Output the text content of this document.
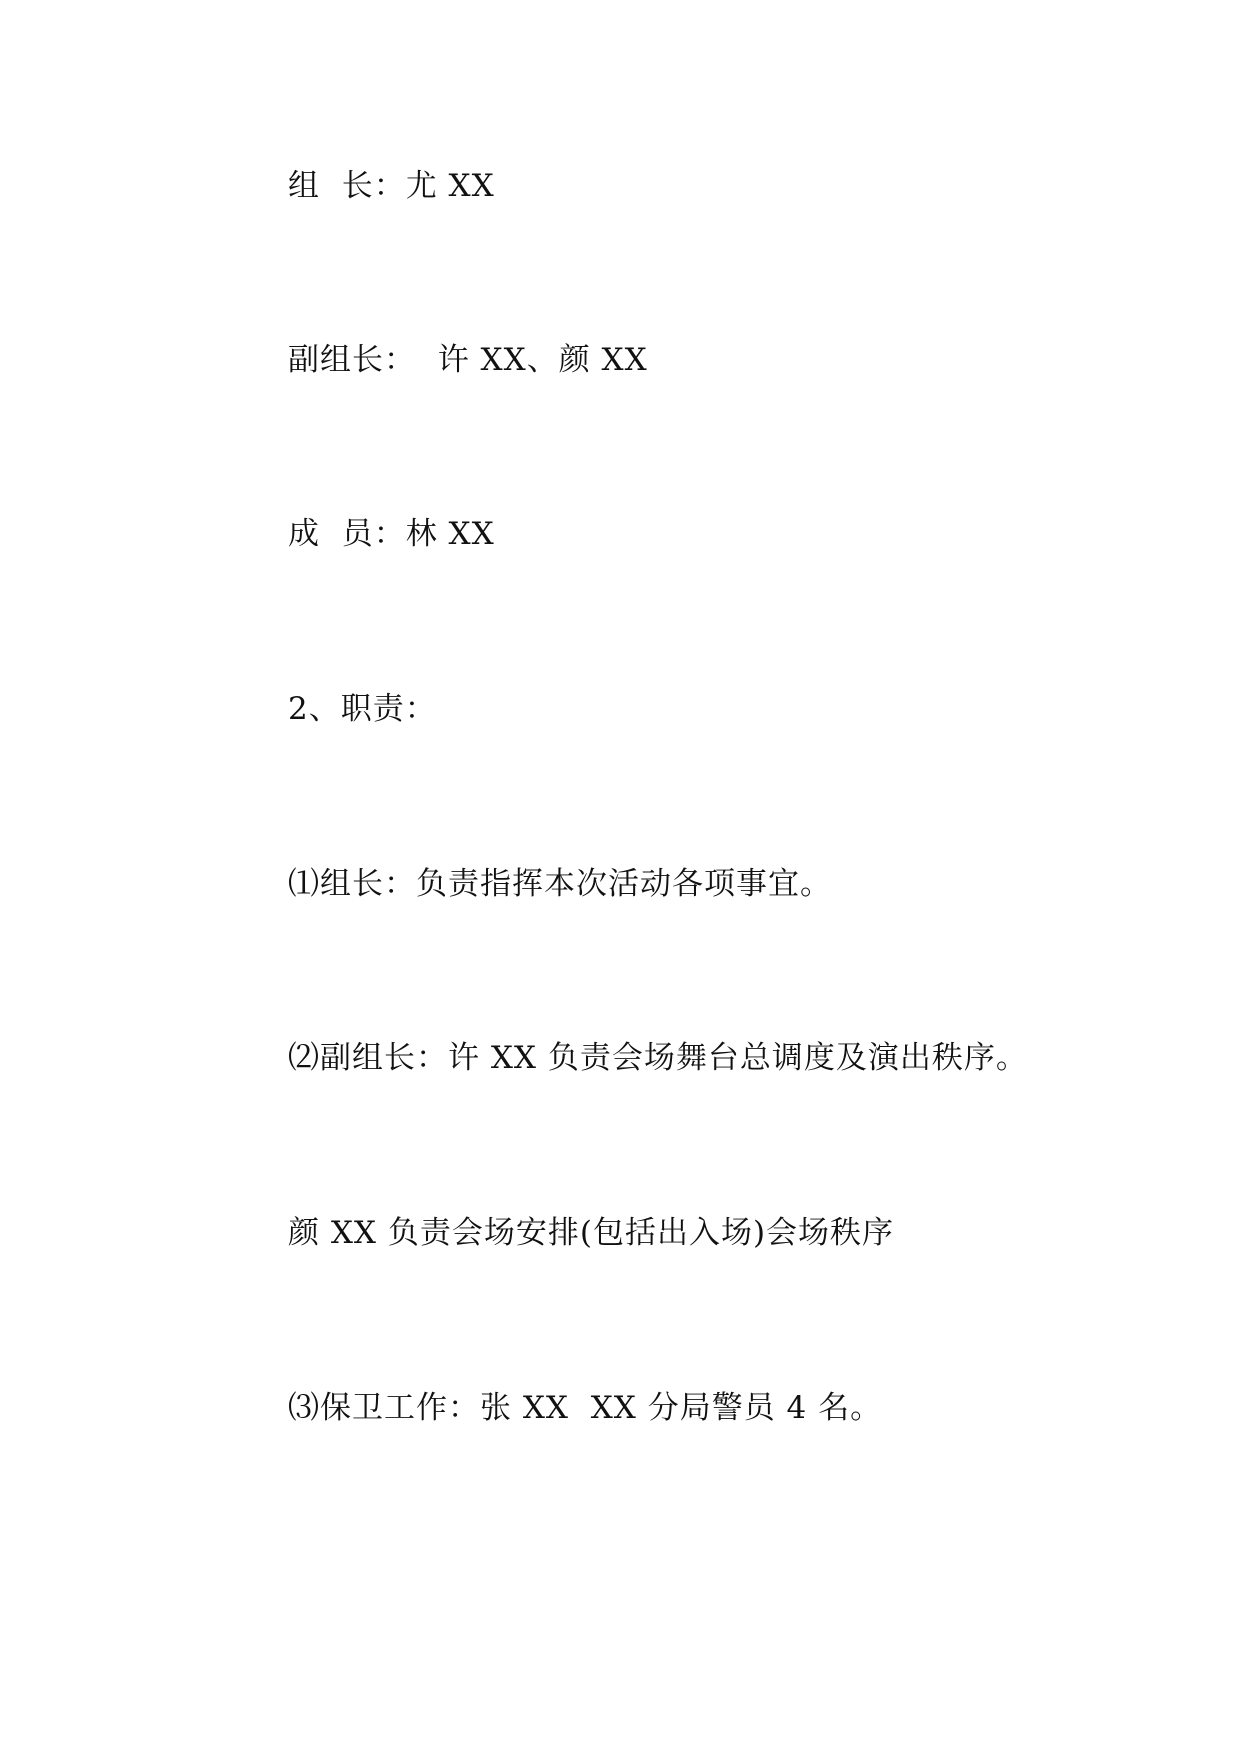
组  长：尤 XX

副组长：  许 XX、颜 XX

成  员：林 XX

2、职责：

⑴组长：负责指挥本次活动各项事宜。

⑵副组长：许 XX 负责会场舞台总调度及演出秩序。

颜 XX 负责会场安排(包括出入场)会场秩序

⑶保卫工作：张 XX  XX 分局警员 4 名。
